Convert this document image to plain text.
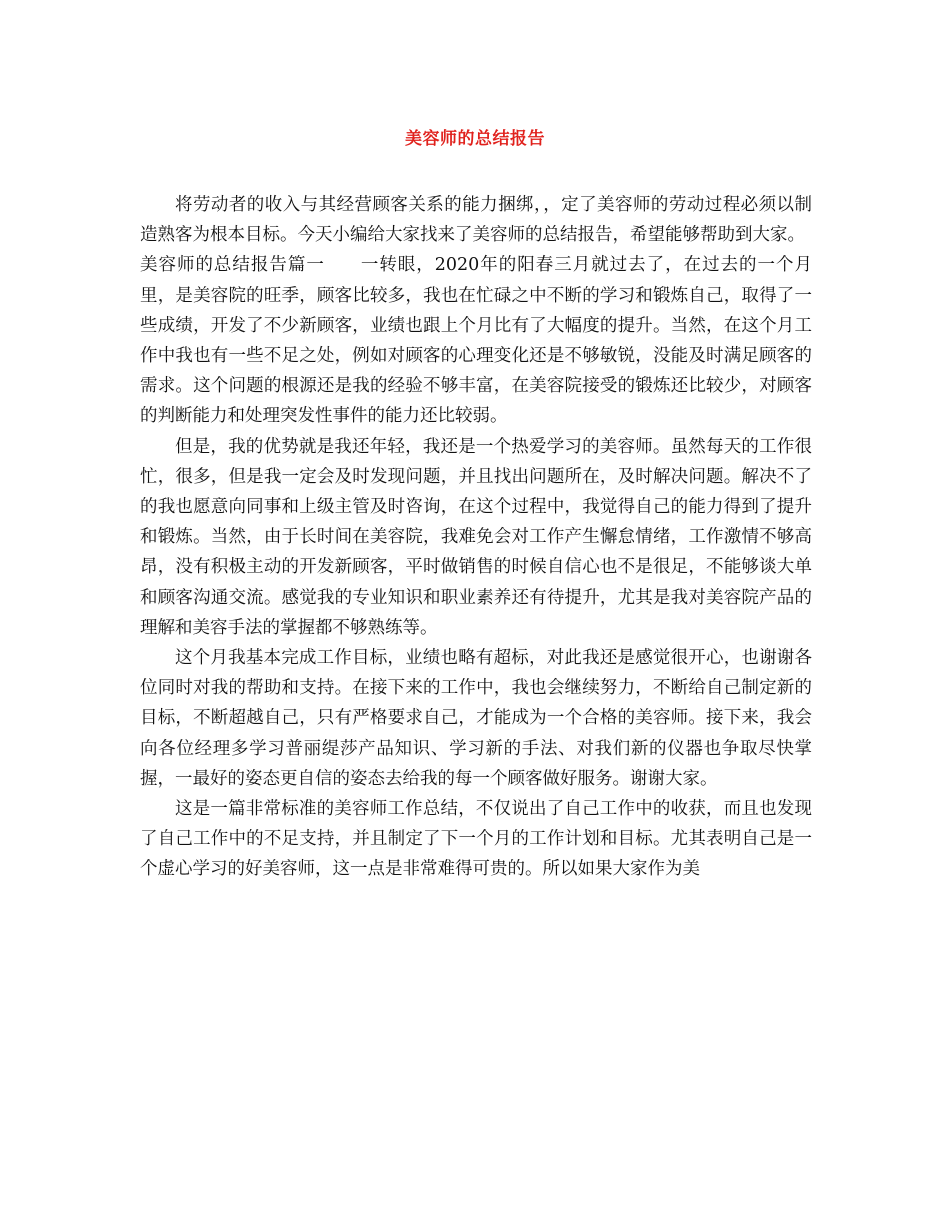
美容师的总结报告

将劳动者的收入与其经营顾客关系的能力捆绑，，定了美容师的劳动过程必须以制造熟客为根本目标。今天小编给大家找来了美容师的总结报告，希望能够帮助到大家。

美容师的总结报告篇一 一转眼，2020年的阳春三月就过去了，在过去的一个月里，是美容院的旺季，顾客比较多，我也在忙碌之中不断的学习和锻炼自己，取得了一些成绩，开发了不少新顾客，业绩也跟上个月比有了大幅度的提升。当然，在这个月工作中我也有一些不足之处，例如对顾客的心理变化还是不够敏锐，没能及时满足顾客的需求。这个问题的根源还是我的经验不够丰富，在美容院接受的锻炼还比较少，对顾客的判断能力和处理突发性事件的能力还比较弱。

但是，我的优势就是我还年轻，我还是一个热爱学习的美容师。虽然每天的工作很忙，很多，但是我一定会及时发现问题，并且找出问题所在，及时解决问题。解决不了的我也愿意向同事和上级主管及时咨询，在这个过程中，我觉得自己的能力得到了提升和锻炼。当然，由于长时间在美容院，我难免会对工作产生懈怠情绪，工作激情不够高昂，没有积极主动的开发新顾客，平时做销售的时候自信心也不是很足，不能够谈大单和顾客沟通交流。感觉我的专业知识和职业素养还有待提升，尤其是我对美容院产品的理解和美容手法的掌握都不够熟练等。

这个月我基本完成工作目标，业绩也略有超标，对此我还是感觉很开心，也谢谢各位同时对我的帮助和支持。在接下来的工作中，我也会继续努力，不断给自己制定新的目标，不断超越自己，只有严格要求自己，才能成为一个合格的美容师。接下来，我会向各位经理多学习普丽缇莎产品知识、学习新的手法、对我们新的仪器也争取尽快掌握，一最好的姿态更自信的姿态去给我的每一个顾客做好服务。谢谢大家。

这是一篇非常标准的美容师工作总结，不仅说出了自己工作中的收获，而且也发现了自己工作中的不足支持，并且制定了下一个月的工作计划和目标。尤其表明自己是一个虚心学习的好美容师，这一点是非常难得可贵的。所以如果大家作为美
